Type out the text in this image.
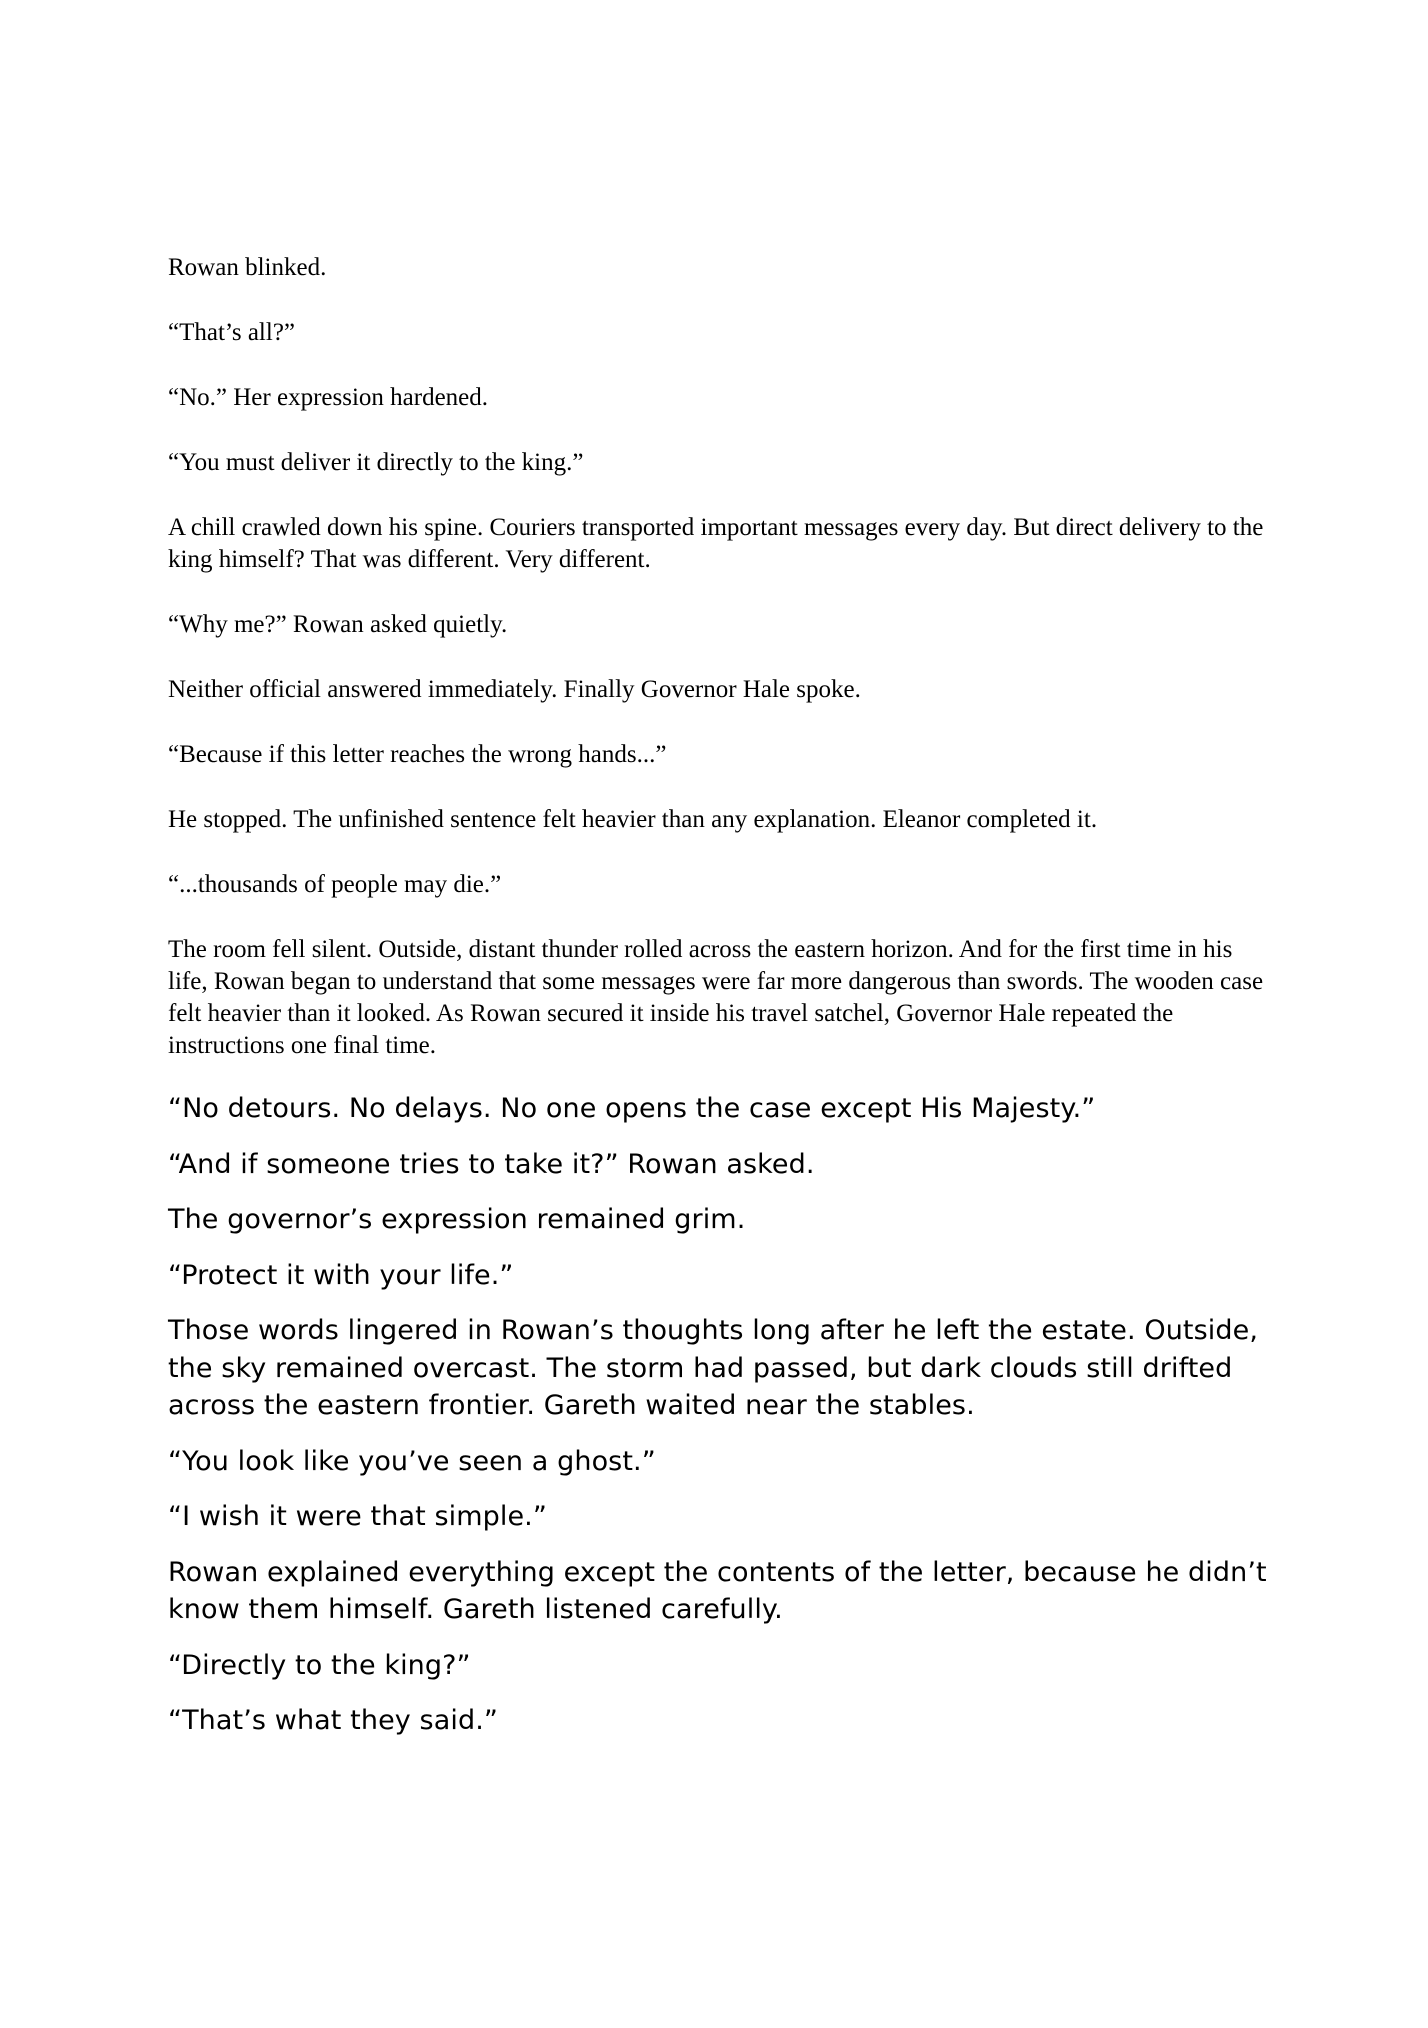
Rowan blinked.

“That’s all?”

“No.” Her expression hardened.

“You must deliver it directly to the king.”

A chill crawled down his spine. Couriers transported important messages every day. But direct delivery to the king himself? That was different. Very different.

“Why me?” Rowan asked quietly.

Neither official answered immediately. Finally Governor Hale spoke.

“Because if this letter reaches the wrong hands...”

He stopped. The unfinished sentence felt heavier than any explanation. Eleanor completed it.

“...thousands of people may die.”

The room fell silent. Outside, distant thunder rolled across the eastern horizon. And for the first time in his life, Rowan began to understand that some messages were far more dangerous than swords. The wooden case felt heavier than it looked. As Rowan secured it inside his travel satchel, Governor Hale repeated the instructions one final time.

“No detours. No delays. No one opens the case except His Majesty.”

“And if someone tries to take it?” Rowan asked.

The governor’s expression remained grim.

“Protect it with your life.”

Those words lingered in Rowan’s thoughts long after he left the estate. Outside, the sky remained overcast. The storm had passed, but dark clouds still drifted across the eastern frontier. Gareth waited near the stables.

“You look like you’ve seen a ghost.”

“I wish it were that simple.”

Rowan explained everything except the contents of the letter, because he didn’t know them himself. Gareth listened carefully.

“Directly to the king?”

“That’s what they said.”
